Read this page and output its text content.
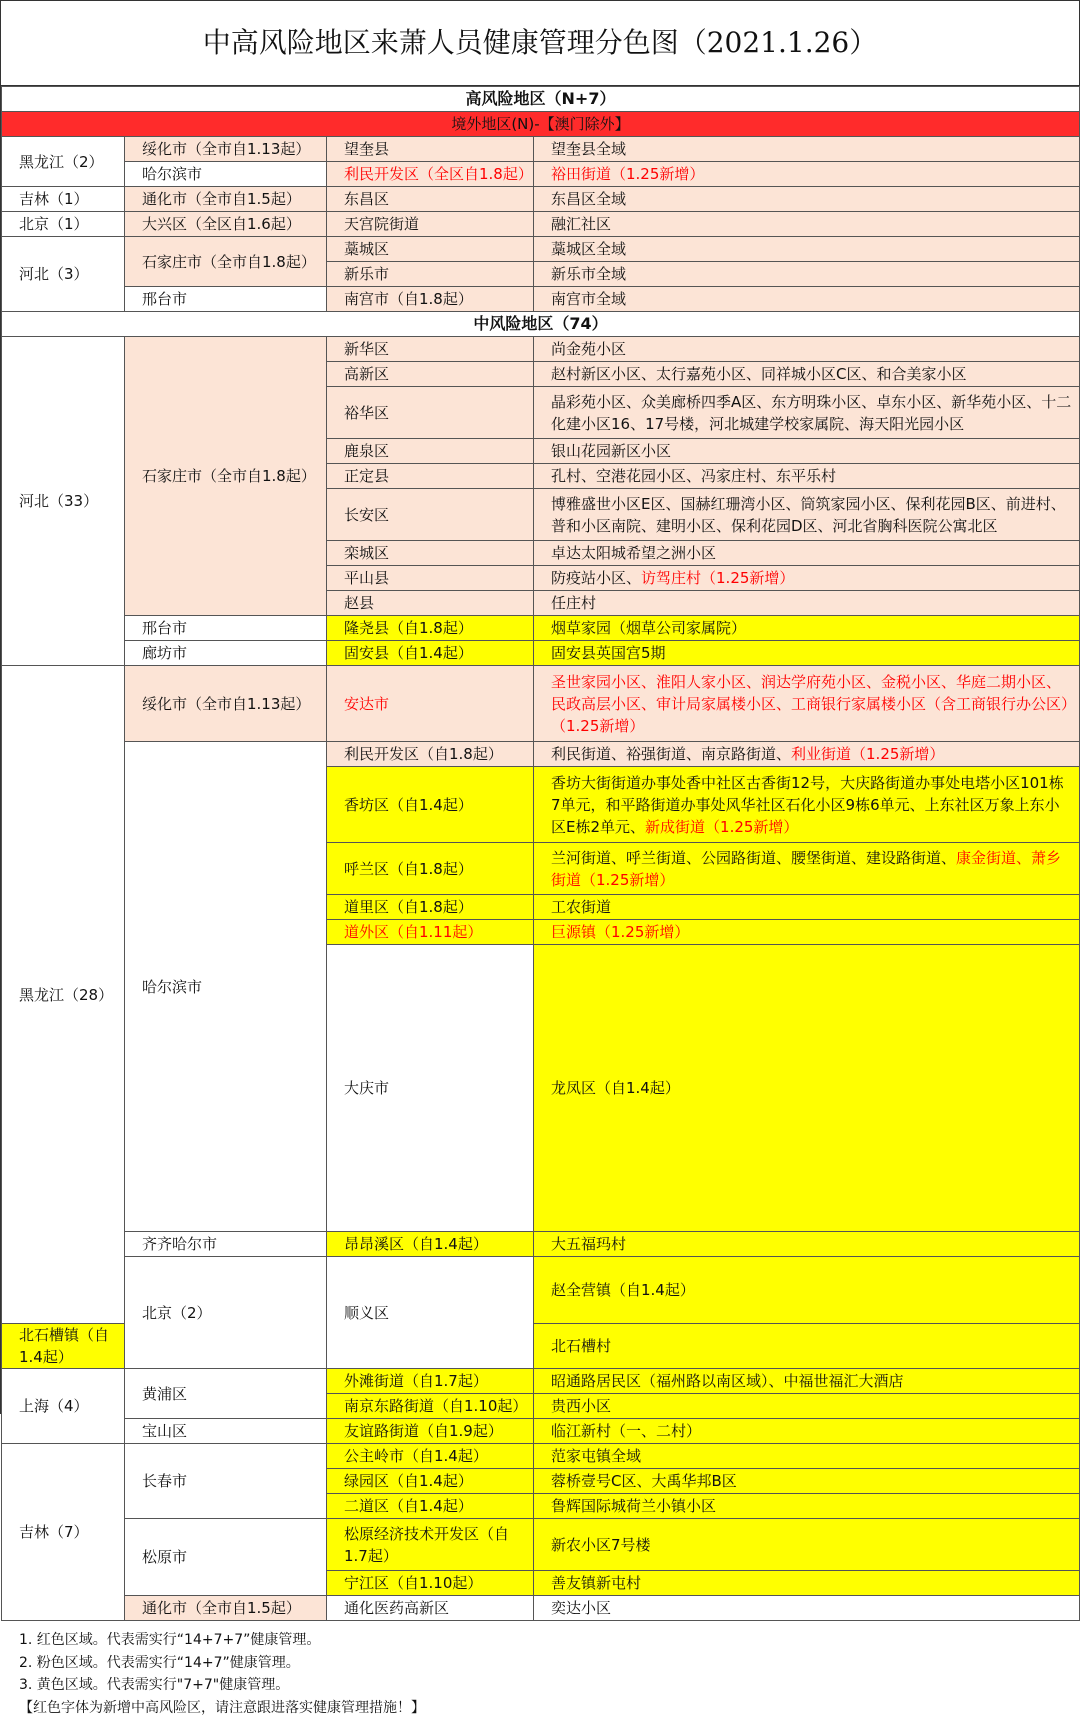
中高风险地区来萧人员健康管理分色图（2021.1.26）
高风险地区（N+7）				
境外地区(N)-【澳门除外】				
黑龙江（2）	绥化市（全市自1.13起）	望奎县	望奎县全域	
	哈尔滨市	利民开发区（全区自1.8起）	裕田街道（1.25新增）	
吉林（1）	通化市（全市自1.5起）	东昌区	东昌区全域	
北京（1）	大兴区（全区自1.6起）	天宫院街道	融汇社区	
河北（3）	石家庄市（全市自1.8起）	藁城区	藁城区全域	
		新乐市	新乐市全域	
	邢台市	南宫市（自1.8起）	南宫市全域	
中风险地区（74）				
河北（33）	石家庄市（全市自1.8起）	新华区	尚金苑小区	
		高新区	赵村新区小区、太行嘉苑小区、同祥城小区C区、和合美家小区	
		裕华区	晶彩苑小区、众美廊桥四季A区、东方明珠小区、卓东小区、新华苑小区、十二化建小区16、17号楼，河北城建学校家属院、海天阳光园小区	
		鹿泉区	银山花园新区小区	
		正定县	孔村、空港花园小区、冯家庄村、东平乐村	
		长安区	博雅盛世小区E区、国赫红珊湾小区、筒筑家园小区、保利花园B区、前进村、普和小区南院、建明小区、保利花园D区、河北省胸科医院公寓北区	
		栾城区	卓达太阳城希望之洲小区	
		平山县	防疫站小区、访驾庄村（1.25新增）	
		赵县	任庄村	
	邢台市	隆尧县（自1.8起）	烟草家园（烟草公司家属院）	
	廊坊市	固安县（自1.4起）	固安县英国宫5期	
黑龙江（28）	绥化市（全市自1.13起）	安达市	圣世家园小区、淮阳人家小区、润达学府苑小区、金税小区、华庭二期小区、民政高层小区、审计局家属楼小区、工商银行家属楼小区（含工商银行办公区）（1.25新增）	
	哈尔滨市	利民开发区（自1.8起）	利民街道、裕强街道、南京路街道、利业街道（1.25新增）	
		香坊区（自1.4起）	香坊大街街道办事处香中社区古香街12号，大庆路街道办事处电塔小区101栋7单元，和平路街道办事处风华社区石化小区9栋6单元、上东社区万象上东小区E栋2单元、新成街道（1.25新增）	
		呼兰区（自1.8起）	兰河街道、呼兰街道、公园路街道、腰堡街道、建设路街道、康金街道、萧乡街道（1.25新增）	
		道里区（自1.8起）	工农街道	
		道外区（自1.11起）	巨源镇（1.25新增）	
		大庆市	龙凤区（自1.4起）	
	齐齐哈尔市	昂昂溪区（自1.4起）	大五福玛村	
	北京（2）	顺义区	赵全营镇（自1.4起）	
北石槽镇（自1.4起）			北石槽村	
上海（4）	黄浦区	外滩街道（自1.7起）	昭通路居民区（福州路以南区域）、中福世福汇大酒店	
		南京东路街道（自1.10起）	贵西小区	
	宝山区	友谊路街道（自1.9起）	临江新村（一、二村）	
吉林（7）	长春市	公主岭市（自1.4起）	范家屯镇全域	
		绿园区（自1.4起）	蓉桥壹号C区、大禹华邦B区	
		二道区（自1.4起）	鲁辉国际城荷兰小镇小区	
	松原市	松原经济技术开发区（自1.7起）	新农小区7号楼	
		宁江区（自1.10起）	善友镇新屯村	
	通化市（全市自1.5起）	通化医药高新区	奕达小区	
1. 红色区域。代表需实行“14+7+7”健康管理。
2. 粉色区域。代表需实行“14+7”健康管理。
3. 黄色区域。代表需实行"7+7"健康管理。
【红色字体为新增中高风险区，请注意跟进落实健康管理措施！】
